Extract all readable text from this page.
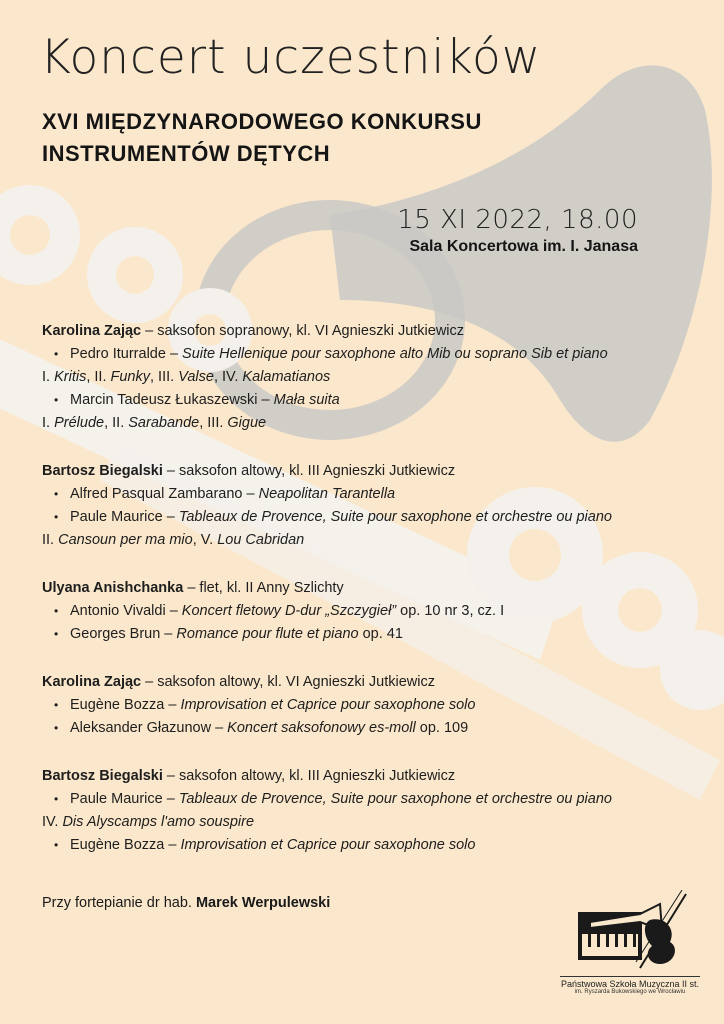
Koncert uczestników
XVI MIĘDZYNARODOWEGO KONKURSU
INSTRUMENTÓW DĘTYCH
15 XI 2022, 18.00
Sala Koncertowa im. I. Janasa
Karolina Zając – saksofon sopranowy, kl. VI Agnieszki Jutkiewicz
• Pedro Iturralde – Suite Hellenique pour saxophone alto Mib ou soprano Sib et piano
I. Kritis, II. Funky, III. Valse, IV. Kalamatianos
• Marcin Tadeusz Łukaszewski – Mała suita
I. Prélude, II. Sarabande, III. Gigue
Bartosz Biegalski – saksofon altowy, kl. III Agnieszki Jutkiewicz
• Alfred Pasqual Zambarano – Neapolitan Tarantella
• Paule Maurice – Tableaux de Provence, Suite pour saxophone et orchestre ou piano
II. Cansoun per ma mio, V. Lou Cabridan
Ulyana Anishchanka – flet, kl. II Anny Szlichty
• Antonio Vivaldi – Koncert fletowy D-dur „Szczygieł” op. 10 nr 3, cz. I
• Georges Brun – Romance pour flute et piano op. 41
Karolina Zając – saksofon altowy, kl. VI Agnieszki Jutkiewicz
• Eugène Bozza – Improvisation et Caprice pour saxophone solo
• Aleksander Głazunow – Koncert saksofonowy es-moll op. 109
Bartosz Biegalski – saksofon altowy, kl. III Agnieszki Jutkiewicz
• Paule Maurice – Tableaux de Provence, Suite pour saxophone et orchestre ou piano
IV. Dis Alyscamps l'amo souspire
• Eugène Bozza – Improvisation et Caprice pour saxophone solo
Przy fortepianie dr hab. Marek Werpulewski
Państwowa Szkoła Muzyczna II st.
im. Ryszarda Bukowskiego we Wrocławiu
